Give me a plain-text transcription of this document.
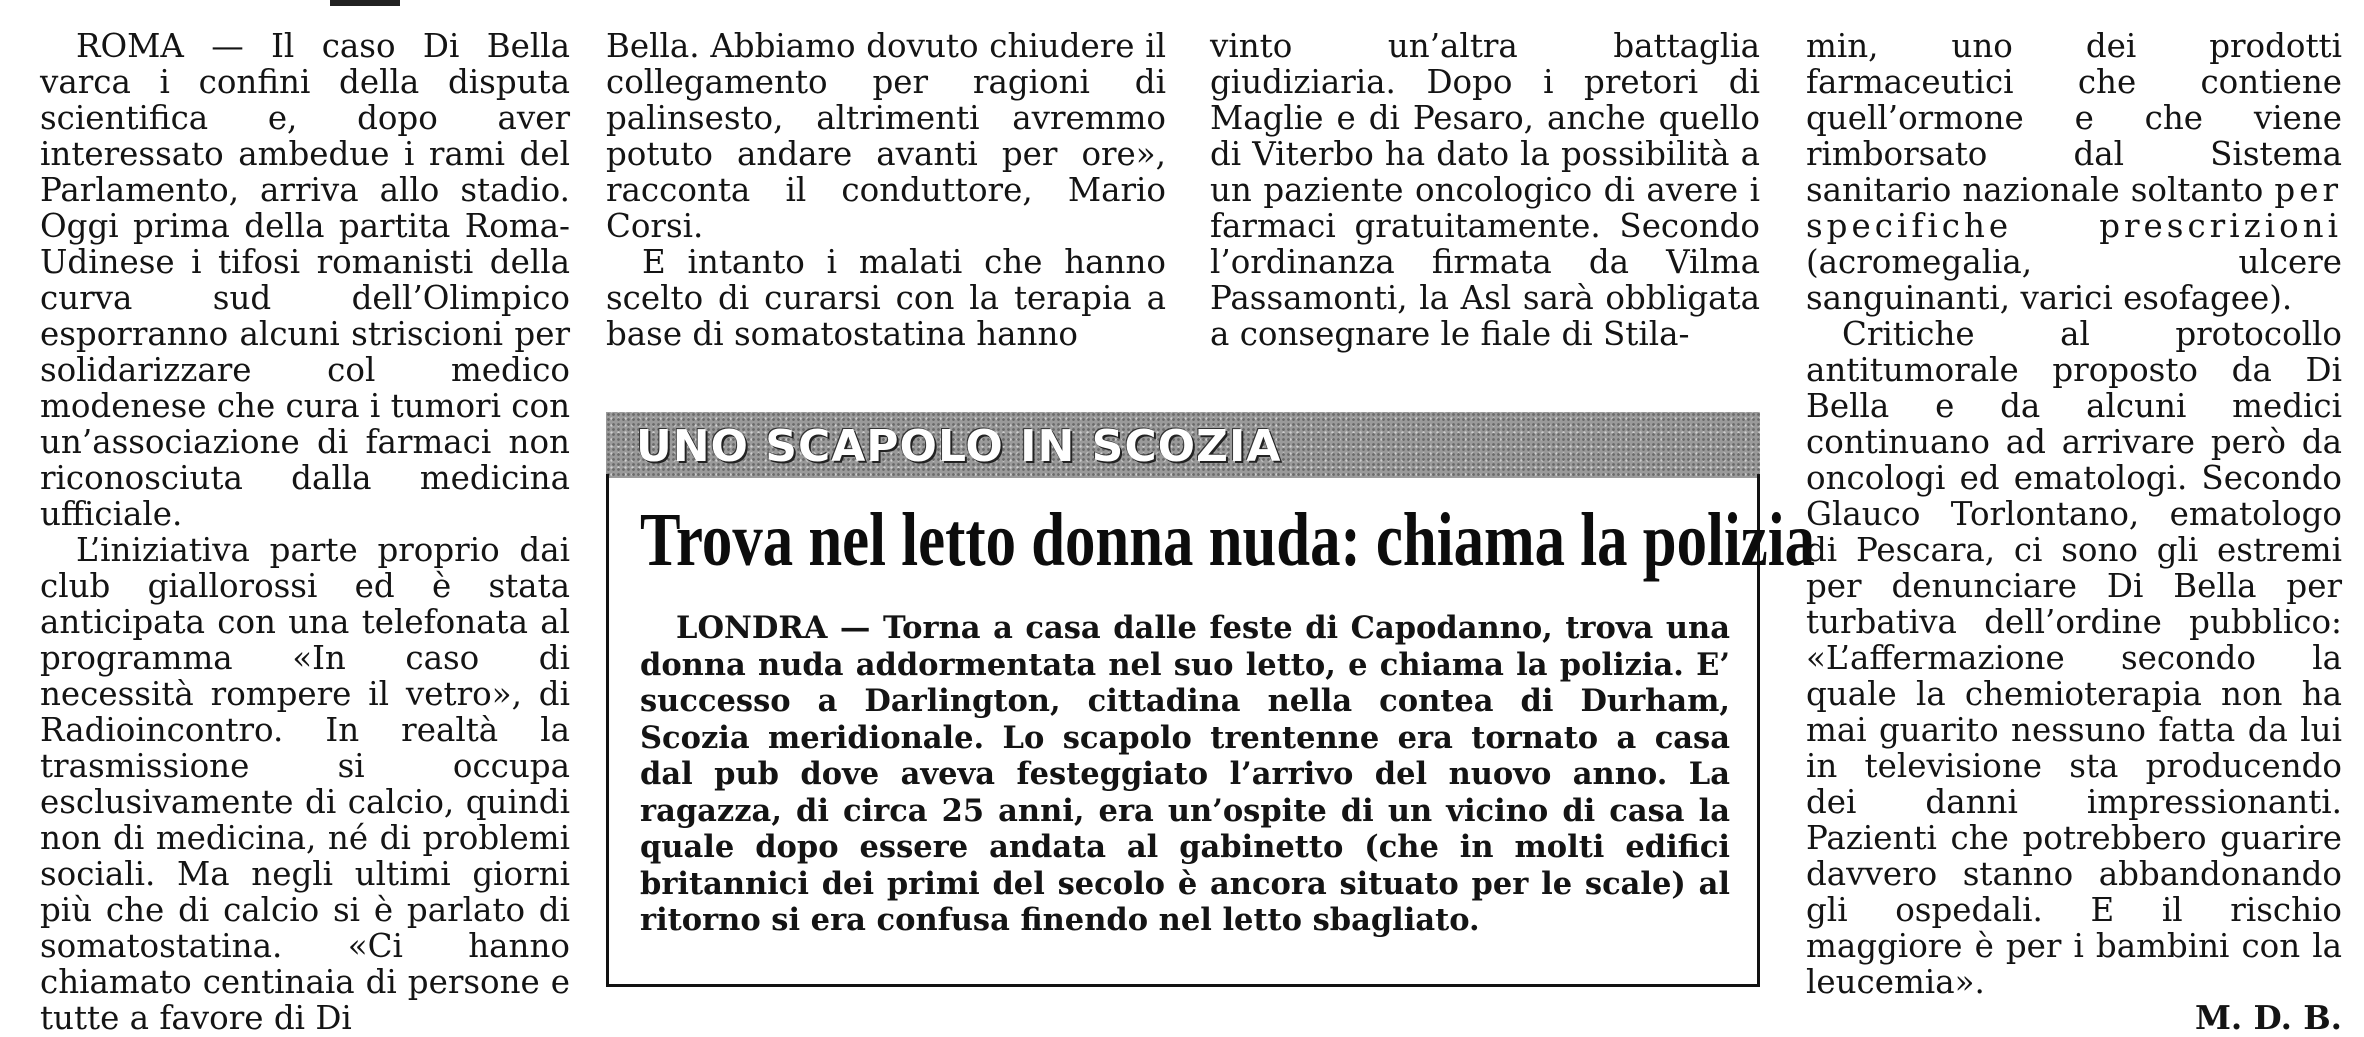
ROMA — Il caso Di Bella varca i confini della disputa scientifica e, dopo aver interessato ambedue i rami del Parlamento, arriva allo stadio. Oggi prima della partita Roma-Udinese i tifosi romanisti della curva sud dell’Olimpico esporranno alcuni striscioni per solidarizzare col medico modenese che cura i tumori con un’associazione di farmaci non riconosciuta dalla medicina ufficiale.

L’iniziativa parte proprio dai club giallorossi ed è stata anticipata con una telefonata al programma «In caso di necessità rompere il vetro», di Radioincontro. In realtà la trasmissione si occupa esclusivamente di calcio, quindi non di medicina, né di problemi sociali. Ma negli ultimi giorni più che di calcio si è parlato di somatostatina. «Ci hanno chiamato centinaia di persone e tutte a favore di Di

Bella. Abbiamo dovuto chiudere il collegamento per ragioni di palinsesto, altrimenti avremmo potuto andare avanti per ore», racconta il conduttore, Mario Corsi.

E intanto i malati che hanno scelto di curarsi con la terapia a base di somatostatina hanno

vinto un’altra battaglia giudiziaria. Dopo i pretori di Maglie e di Pesaro, anche quello di Viterbo ha dato la possibilità a un paziente oncologico di avere i farmaci gratuitamente. Secondo l’ordinanza firmata da Vilma Passamonti, la Asl sarà obbligata a consegnare le fiale di Stila-

min, uno dei prodotti farmaceutici che contiene quell’ormone e che viene rimborsato dal Sistema sanitario nazionale soltanto per specifiche prescrizioni (acromegalia, ulcere sanguinanti, varici esofagee).

Critiche al protocollo antitumorale proposto da Di Bella e da alcuni medici continuano ad arrivare però da oncologi ed ematologi. Secondo Glauco Torlontano, ematologo di Pescara, ci sono gli estremi per denunciare Di Bella per turbativa dell’ordine pubblico: «L’affermazione secondo la quale la chemioterapia non ha mai guarito nessuno fatta da lui in televisione sta producendo dei danni impressionanti. Pazienti che potrebbero guarire davvero stanno abbandonando gli ospedali. E il rischio maggiore è per i bambini con la leucemia».

M. D. B.

UNO SCAPOLO IN SCOZIA
Trova nel letto donna nuda: chiama la polizia

LONDRA — Torna a casa dalle feste di Capodanno, trova una donna nuda addormentata nel suo letto, e chiama la polizia. E’ successo a Darlington, cittadina nella contea di Durham, Scozia meridionale. Lo scapolo trentenne era tornato a casa dal pub dove aveva festeggiato l’arrivo del nuovo anno. La ragazza, di circa 25 anni, era un’ospite di un vicino di casa la quale dopo essere andata al gabinetto (che in molti edifici britannici dei primi del secolo è ancora situato per le scale) al ritorno si era confusa finendo nel letto sbagliato.
